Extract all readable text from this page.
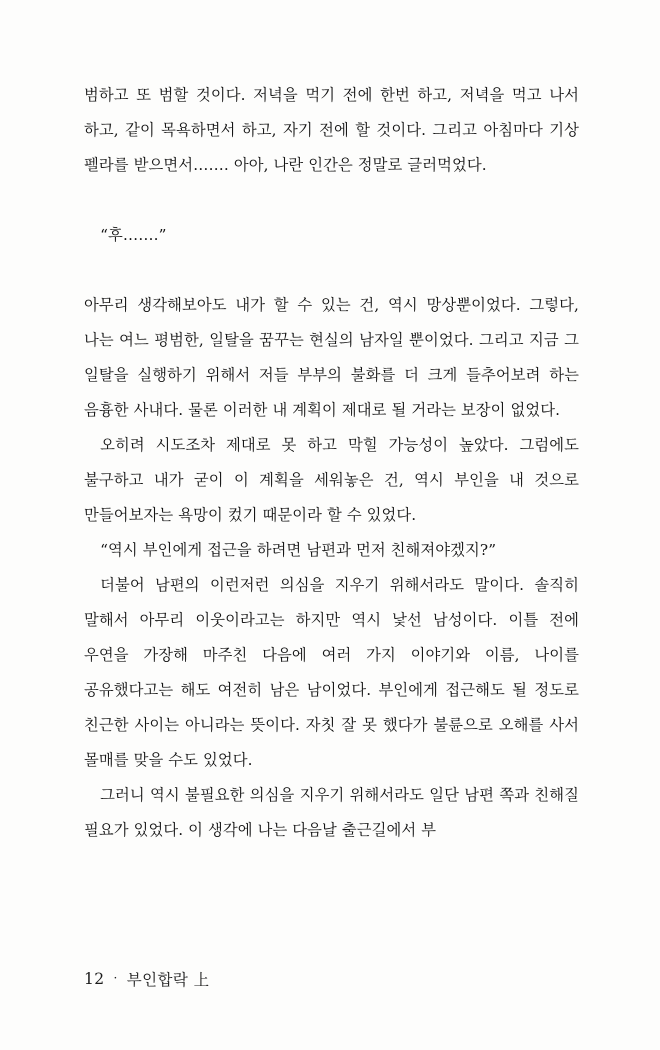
범하고 또 범할 것이다. 저녁을 먹기 전에 한번 하고, 저녁을 먹고 나서 하고, 같이 목욕하면서 하고, 자기 전에 할 것이다. 그리고 아침마다 기상 펠라를 받으면서……. 아아, 나란 인간은 정말로 글러먹었다.

“후…….”

아무리 생각해보아도 내가 할 수 있는 건, 역시 망상뿐이었다. 그렇다, 나는 여느 평범한, 일탈을 꿈꾸는 현실의 남자일 뿐이었다. 그리고 지금 그 일탈을 실행하기 위해서 저들 부부의 불화를 더 크게 들추어보려 하는 음흉한 사내다. 물론 이러한 내 계획이 제대로 될 거라는 보장이 없었다.

오히려 시도조차 제대로 못 하고 막힐 가능성이 높았다. 그럼에도 불구하고 내가 굳이 이 계획을 세워놓은 건, 역시 부인을 내 것으로 만들어보자는 욕망이 컸기 때문이라 할 수 있었다.

“역시 부인에게 접근을 하려면 남편과 먼저 친해져야겠지?”

더불어 남편의 이런저런 의심을 지우기 위해서라도 말이다. 솔직히 말해서 아무리 이웃이라고는 하지만 역시 낯선 남성이다. 이틀 전에 우연을 가장해 마주친 다음에 여러 가지 이야기와 이름, 나이를 공유했다고는 해도 여전히 남은 남이었다. 부인에게 접근해도 될 정도로 친근한 사이는 아니라는 뜻이다. 자칫 잘 못 했다가 불륜으로 오해를 사서 몰매를 맞을 수도 있었다.

그러니 역시 불필요한 의심을 지우기 위해서라도 일단 남편 쪽과 친해질 필요가 있었다. 이 생각에 나는 다음날 출근길에서 부

12 · 부인합락 上
